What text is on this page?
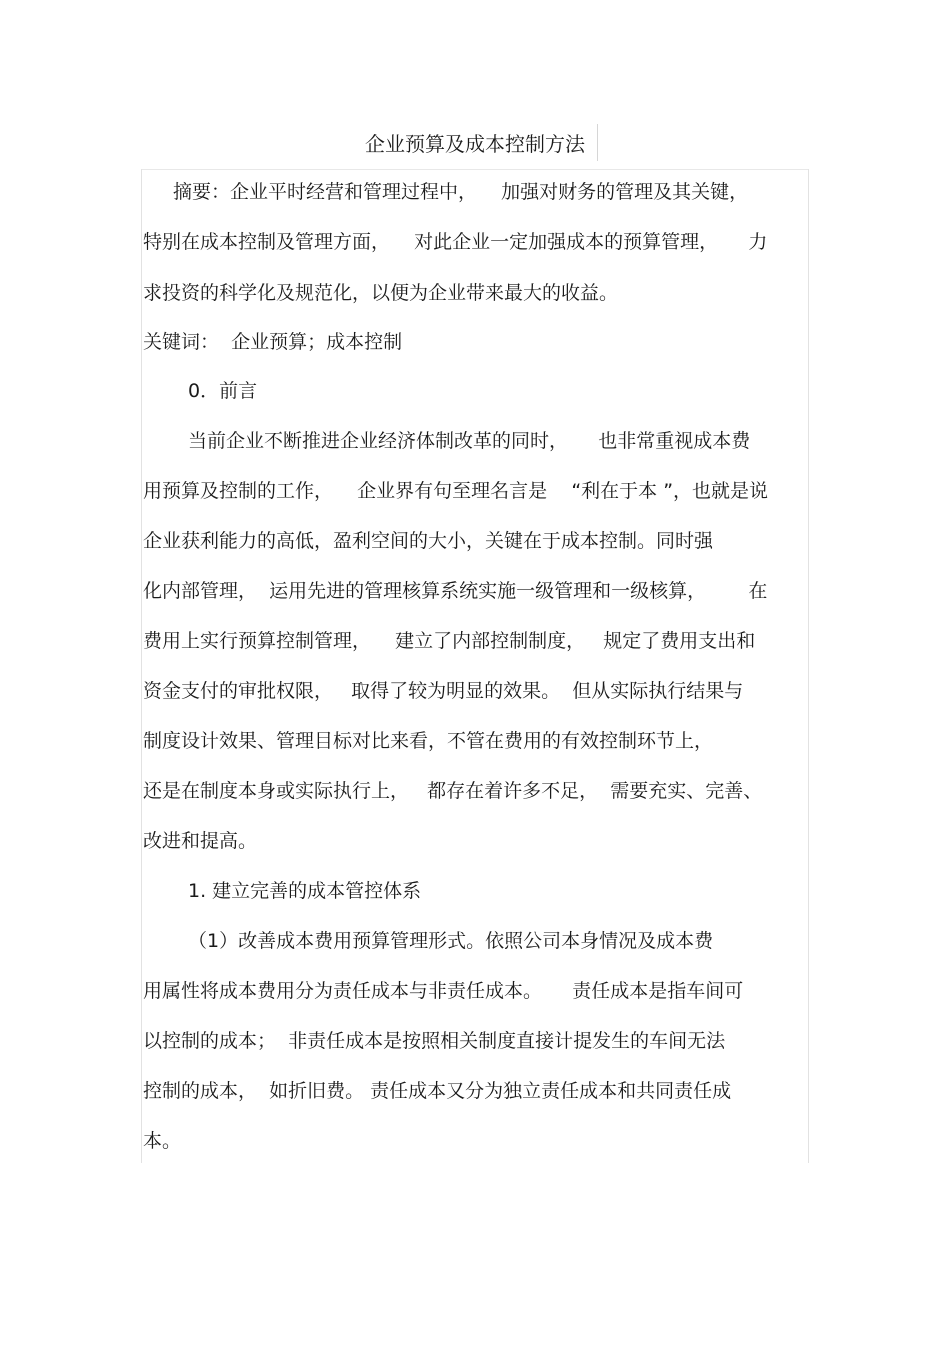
企业预算及成本控制方法
摘要：企业平时经营和管理过程中，    加强对财务的管理及其关键，
特别在成本控制及管理方面，    对此企业一定加强成本的预算管理，     力
求投资的科学化及规范化，以便为企业带来最大的收益。
关键词：  企业预算；成本控制
0．前言
当前企业不断推进企业经济体制改革的同时，     也非常重视成本费
用预算及控制的工作，    企业界有句至理名言是    “利在于本 ”，也就是说
企业获利能力的高低，盈利空间的大小，关键在于成本控制。同时强
化内部管理，  运用先进的管理核算系统实施一级管理和一级核算，       在
费用上实行预算控制管理，    建立了内部控制制度，   规定了费用支出和
资金支付的审批权限，   取得了较为明显的效果。  但从实际执行结果与
制度设计效果、管理目标对比来看，不管在费用的有效控制环节上，
还是在制度本身或实际执行上，   都存在着许多不足，  需要充实、完善、
改进和提高。
1. 建立完善的成本管控体系
（1）改善成本费用预算管理形式。依照公司本身情况及成本费
用属性将成本费用分为责任成本与非责任成本。     责任成本是指车间可
以控制的成本；  非责任成本是按照相关制度直接计提发生的车间无法
控制的成本，  如折旧费。 责任成本又分为独立责任成本和共同责任成
本。
